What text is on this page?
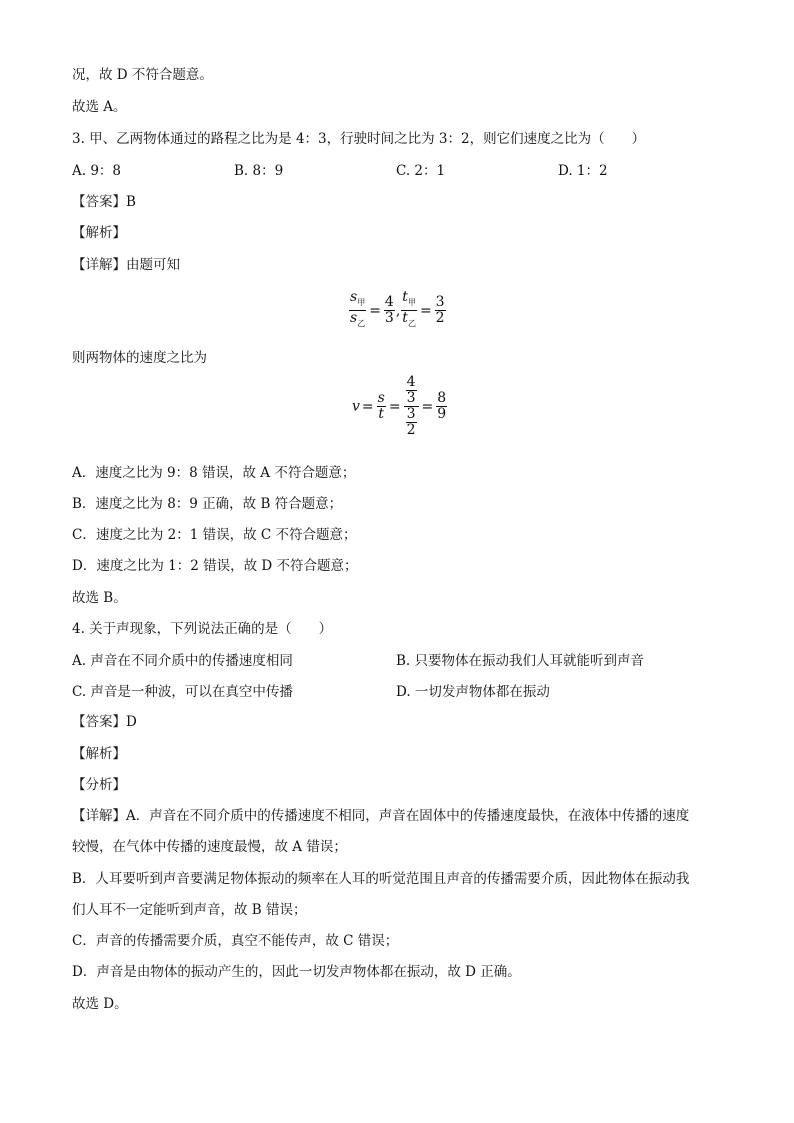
况，故 D 不符合题意。
故选 A。
3. 甲、乙两物体通过的路程之比为是 4：3，行驶时间之比为 3：2，则它们速度之比为（　　）
A. 9：8	B. 8：9	C. 2：1	D. 1：2
【答案】B
【解析】
【详解】由题可知
$\frac{s_甲}{s_乙} = \frac{4}{3}$ , $\frac{t_甲}{t_乙} = \frac{3}{2}$
则两物体的速度之比为
$v = \frac{s}{t} = \frac{\frac{4}{3}}{\frac{3}{2}} = \frac{8}{9}$
A．速度之比为 9：8 错误，故 A 不符合题意；
B．速度之比为 8：9 正确，故 B 符合题意；
C．速度之比为 2：1 错误，故 C 不符合题意；
D．速度之比为 1：2 错误，故 D 不符合题意；
故选 B。
4. 关于声现象，下列说法正确的是（　　）
A. 声音在不同介质中的传播速度相同	B. 只要物体在振动我们人耳就能听到声音
C. 声音是一种波，可以在真空中传播	D. 一切发声物体都在振动
【答案】D
【解析】
【分析】
【详解】A．声音在不同介质中的传播速度不相同，声音在固体中的传播速度最快，在液体中传播的速度
较慢，在气体中传播的速度最慢，故 A 错误；
B．人耳要听到声音要满足物体振动的频率在人耳的听觉范围且声音的传播需要介质，因此物体在振动我
们人耳不一定能听到声音，故 B 错误；
C．声音的传播需要介质，真空不能传声，故 C 错误；
D．声音是由物体的振动产生的，因此一切发声物体都在振动，故 D 正确。
故选 D。
